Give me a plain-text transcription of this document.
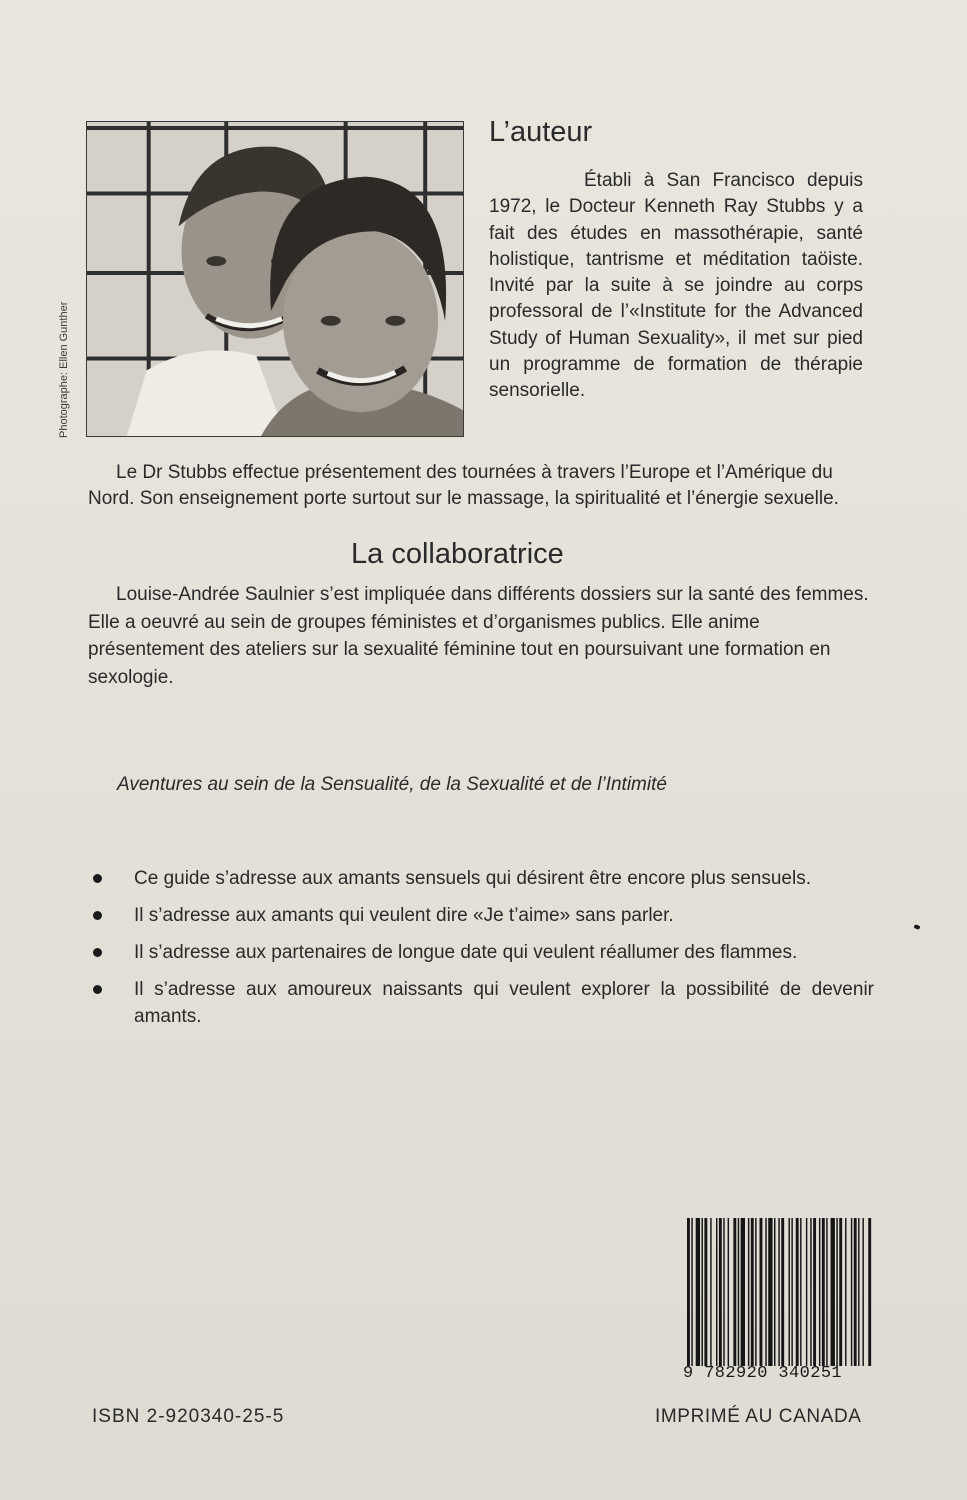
Photographe: Ellen Gunther
L’auteur

Établi à San Francisco depuis 1972, le Docteur Kenneth Ray Stubbs y a fait des études en massothérapie, santé holistique, tantrisme et méditation taöiste. Invité par la suite à se joindre au corps professoral de l’«Institute for the Advanced Study of Human Sexuality», il met sur pied un programme de formation de thérapie sensorielle.

Le Dr Stubbs effectue présentement des tournées à travers l’Europe et l’Amérique du Nord. Son enseignement porte surtout sur le massage, la spiritualité et l’énergie sexuelle.

La collaboratrice

Louise-Andrée Saulnier s’est impliquée dans différents dossiers sur la santé des femmes. Elle a oeuvré au sein de groupes féministes et d’organismes publics. Elle anime présentement des ateliers sur la sexualité féminine tout en poursuivant une formation en sexologie.

Aventures au sein de la Sensualité, de la Sexualité et de l’Intimité

Ce guide s’adresse aux amants sensuels qui désirent être encore plus sensuels.
Il s’adresse aux amants qui veulent dire «Je t’aime» sans parler.
Il s’adresse aux partenaires de longue date qui veulent réallumer des flammes.
Il s’adresse aux amoureux naissants qui veulent explorer la possibilité de devenir amants.
9 782920 340251

ISBN 2-920340-25-5	IMPRIMÉ AU CANADA
